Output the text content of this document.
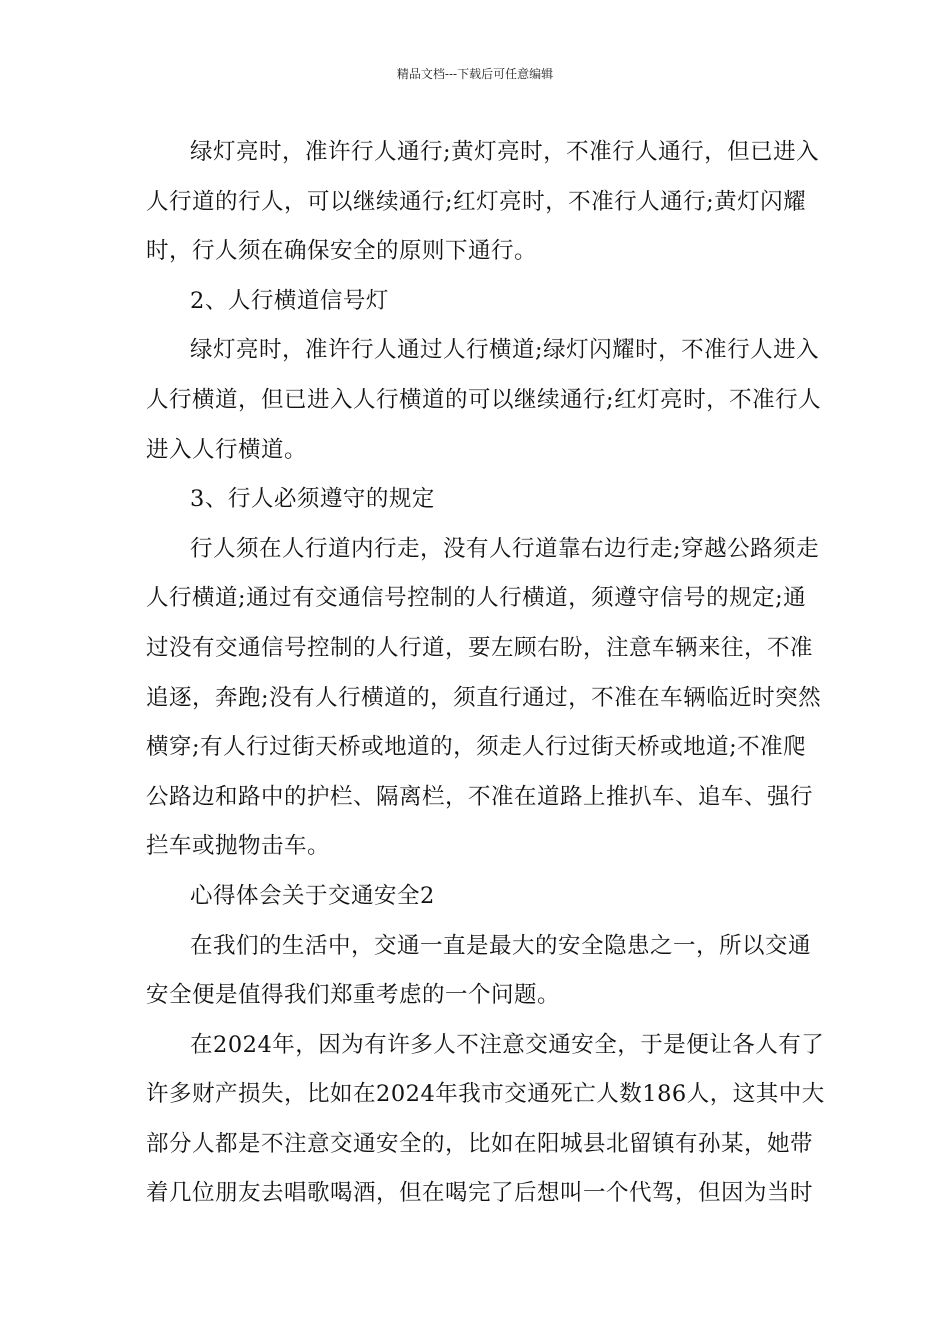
精品文档---下载后可任意编辑
绿灯亮时，准许行人通行;黄灯亮时，不准行人通行，但已进入
人行道的行人，可以继续通行;红灯亮时，不准行人通行;黄灯闪耀
时，行人须在确保安全的原则下通行。
2、人行横道信号灯
绿灯亮时，准许行人通过人行横道;绿灯闪耀时，不准行人进入
人行横道，但已进入人行横道的可以继续通行;红灯亮时，不准行人
进入人行横道。
3、行人必须遵守的规定
行人须在人行道内行走，没有人行道靠右边行走;穿越公路须走
人行横道;通过有交通信号控制的人行横道，须遵守信号的规定;通
过没有交通信号控制的人行道，要左顾右盼，注意车辆来往，不准
追逐，奔跑;没有人行横道的，须直行通过，不准在车辆临近时突然
横穿;有人行过街天桥或地道的，须走人行过街天桥或地道;不准爬
公路边和路中的护栏、隔离栏，不准在道路上推扒车、追车、强行
拦车或抛物击车。
心得体会关于交通安全2
在我们的生活中，交通一直是最大的安全隐患之一，所以交通
安全便是值得我们郑重考虑的一个问题。
在2024年，因为有许多人不注意交通安全，于是便让各人有了
许多财产损失，比如在2024年我市交通死亡人数186人，这其中大
部分人都是不注意交通安全的，比如在阳城县北留镇有孙某，她带
着几位朋友去唱歌喝酒，但在喝完了后想叫一个代驾，但因为当时
